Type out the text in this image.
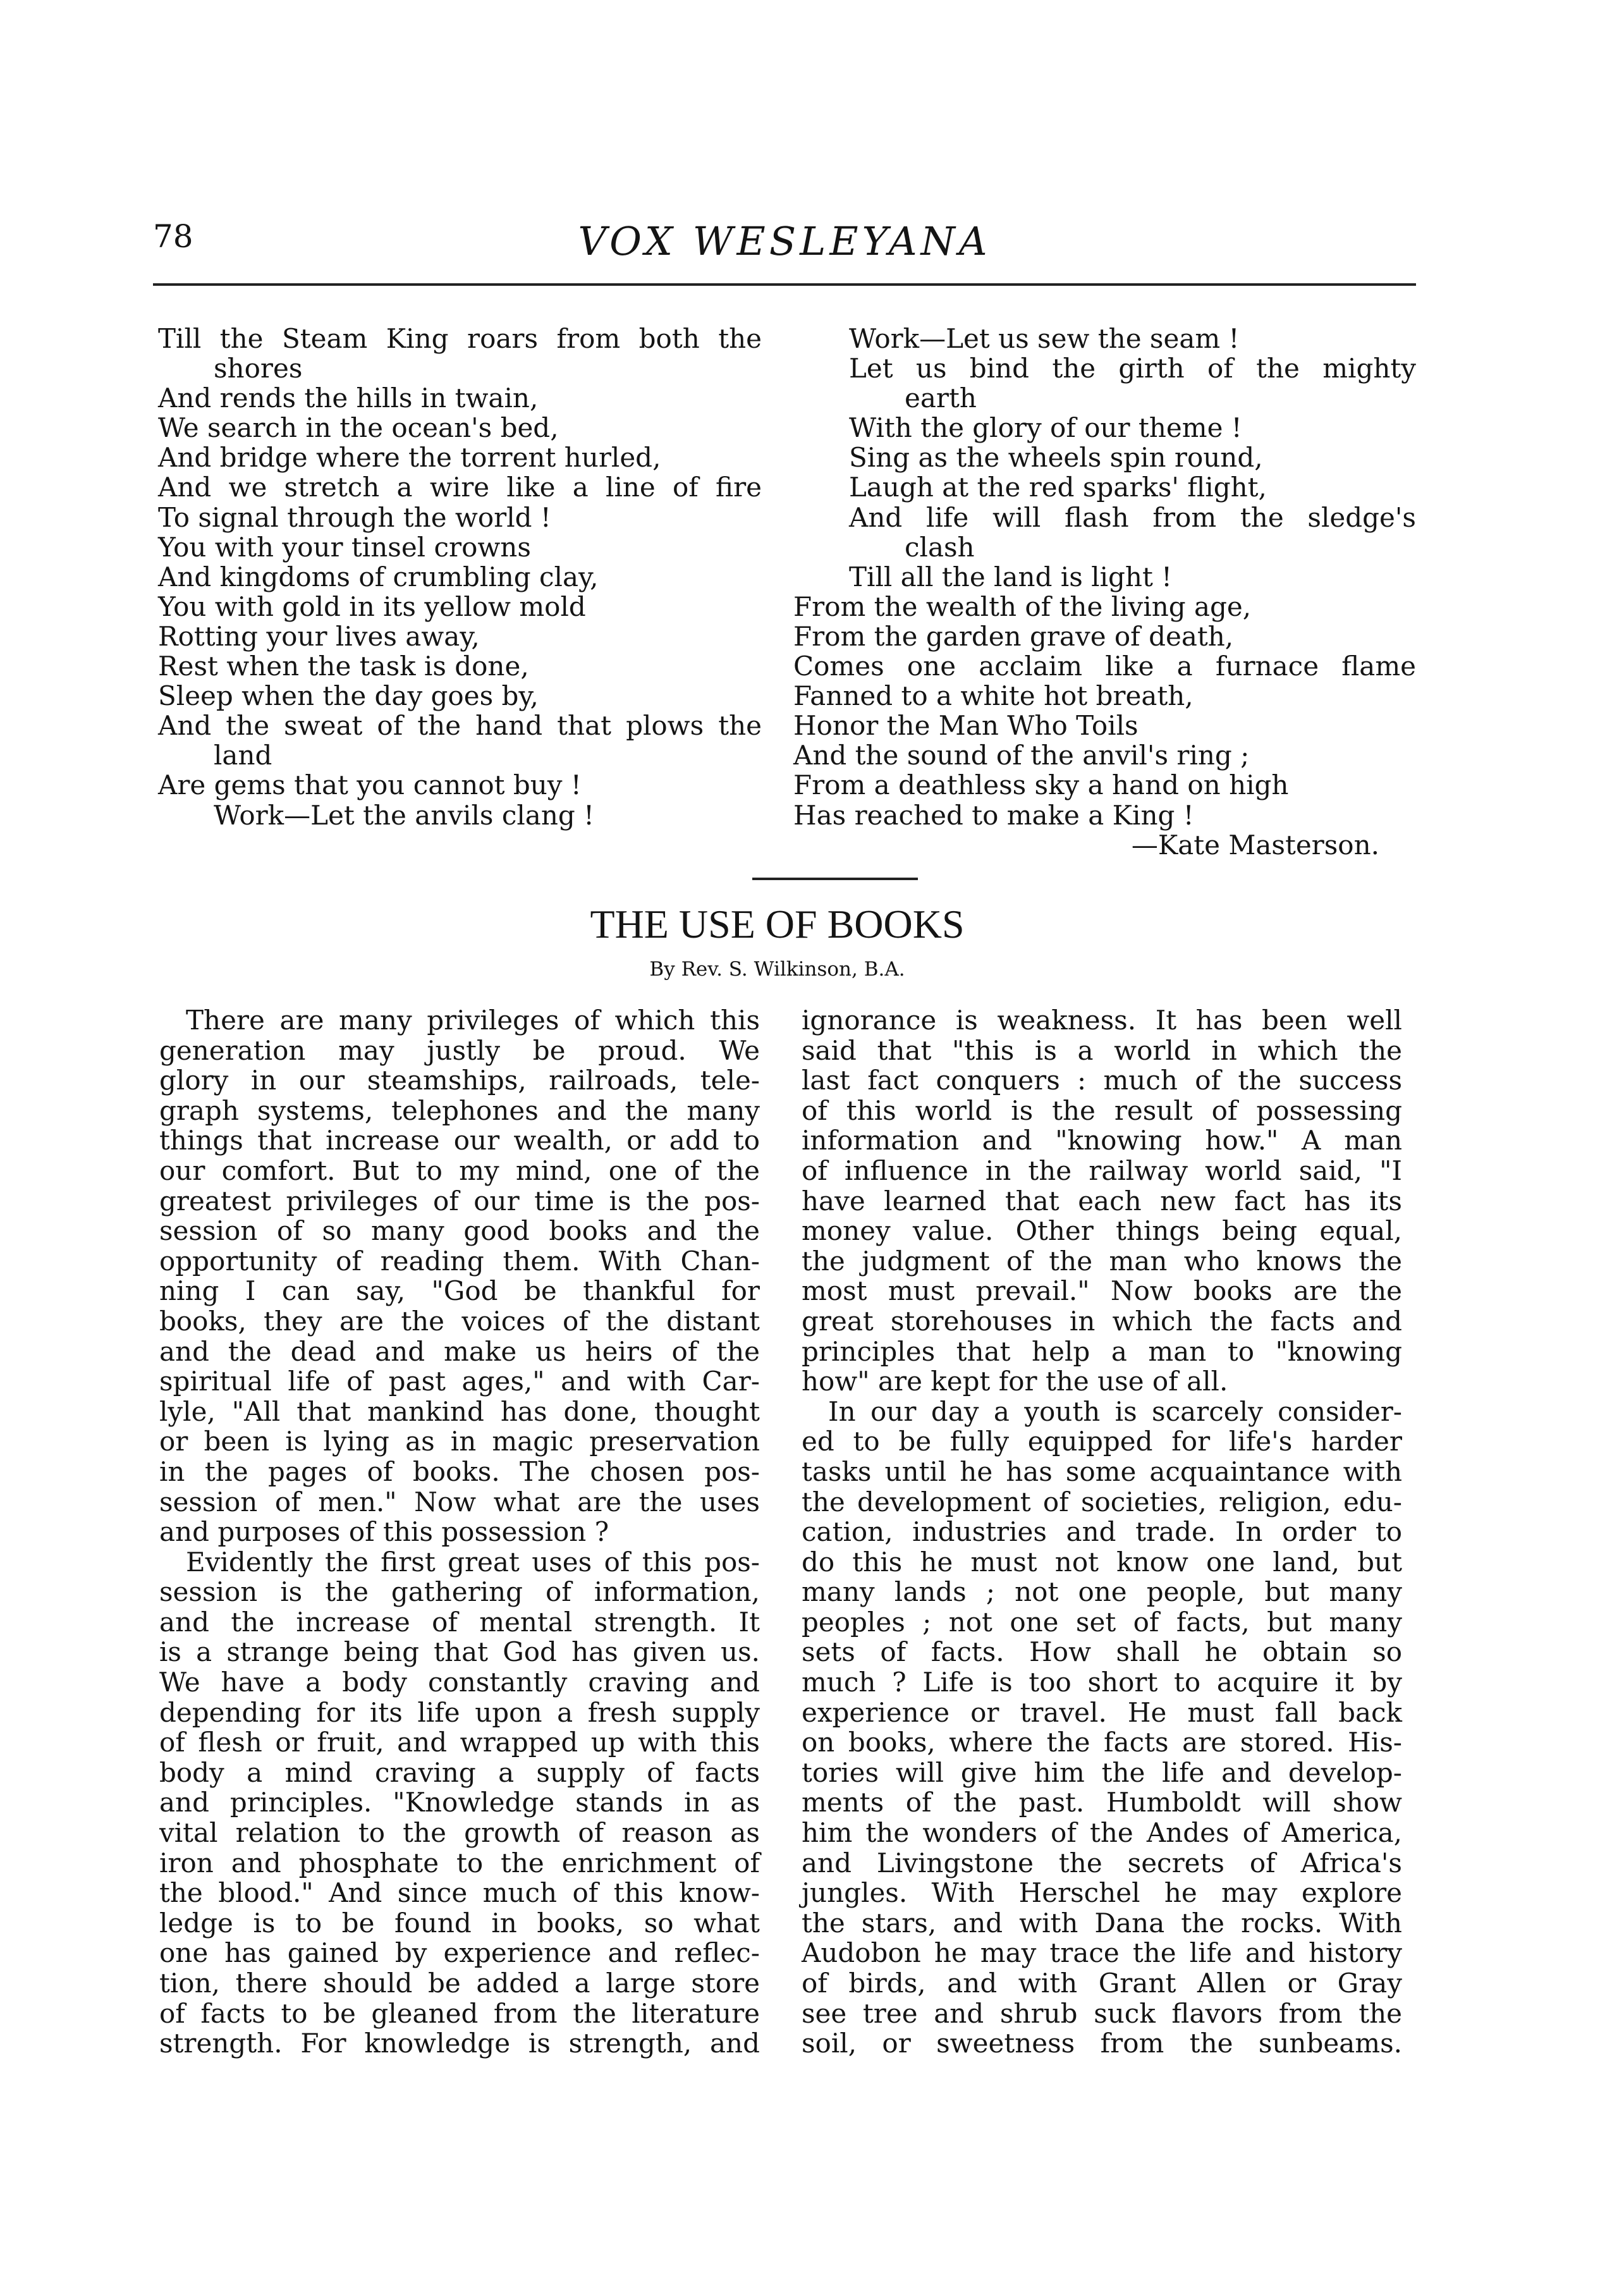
78	VOX WESLEYANA
Till the Steam King roars from both the
shores
And rends the hills in twain,
We search in the ocean's bed,
And bridge where the torrent hurled,
And we stretch a wire like a line of fire
To signal through the world !
You with your tinsel crowns
And kingdoms of crumbling clay,
You with gold in its yellow mold
Rotting your lives away,
Rest when the task is done,
Sleep when the day goes by,
And the sweat of the hand that plows the
land
Are gems that you cannot buy !
Work—Let the anvils clang !
Work—Let us sew the seam !
Let us bind the girth of the mighty
earth
With the glory of our theme !
Sing as the wheels spin round,
Laugh at the red sparks' flight,
And life will flash from the sledge's
clash
Till all the land is light !
From the wealth of the living age,
From the garden grave of death,
Comes one acclaim like a furnace flame
Fanned to a white hot breath,
Honor the Man Who Toils
And the sound of the anvil's ring ;
From a deathless sky a hand on high
Has reached to make a King !
—Kate Masterson.
THE USE OF BOOKS
By Rev. S. Wilkinson, B.A.
There are many privileges of which this
generation may justly be proud. We
glory in our steamships, railroads, tele-
graph systems, telephones and the many
things that increase our wealth, or add to
our comfort. But to my mind, one of the
greatest privileges of our time is the pos-
session of so many good books and the
opportunity of reading them. With Chan-
ning I can say, "God be thankful for
books, they are the voices of the distant
and the dead and make us heirs of the
spiritual life of past ages," and with Car-
lyle, "All that mankind has done, thought
or been is lying as in magic preservation
in the pages of books. The chosen pos-
session of men." Now what are the uses
and purposes of this possession ?
Evidently the first great uses of this pos-
session is the gathering of information,
and the increase of mental strength. It
is a strange being that God has given us.
We have a body constantly craving and
depending for its life upon a fresh supply
of flesh or fruit, and wrapped up with this
body a mind craving a supply of facts
and principles. "Knowledge stands in as
vital relation to the growth of reason as
iron and phosphate to the enrichment of
the blood." And since much of this know-
ledge is to be found in books, so what
one has gained by experience and reflec-
tion, there should be added a large store
of facts to be gleaned from the literature
strength. For knowledge is strength, and
ignorance is weakness. It has been well
said that "this is a world in which the
last fact conquers : much of the success
of this world is the result of possessing
information and "knowing how." A man
of influence in the railway world said, "I
have learned that each new fact has its
money value. Other things being equal,
the judgment of the man who knows the
most must prevail." Now books are the
great storehouses in which the facts and
principles that help a man to "knowing
how" are kept for the use of all.
In our day a youth is scarcely consider-
ed to be fully equipped for life's harder
tasks until he has some acquaintance with
the development of societies, religion, edu-
cation, industries and trade. In order to
do this he must not know one land, but
many lands ; not one people, but many
peoples ; not one set of facts, but many
sets of facts. How shall he obtain so
much ? Life is too short to acquire it by
experience or travel. He must fall back
on books, where the facts are stored. His-
tories will give him the life and develop-
ments of the past. Humboldt will show
him the wonders of the Andes of America,
and Livingstone the secrets of Africa's
jungles. With Herschel he may explore
the stars, and with Dana the rocks. With
Audobon he may trace the life and history
of birds, and with Grant Allen or Gray
see tree and shrub suck flavors from the
soil, or sweetness from the sunbeams.
